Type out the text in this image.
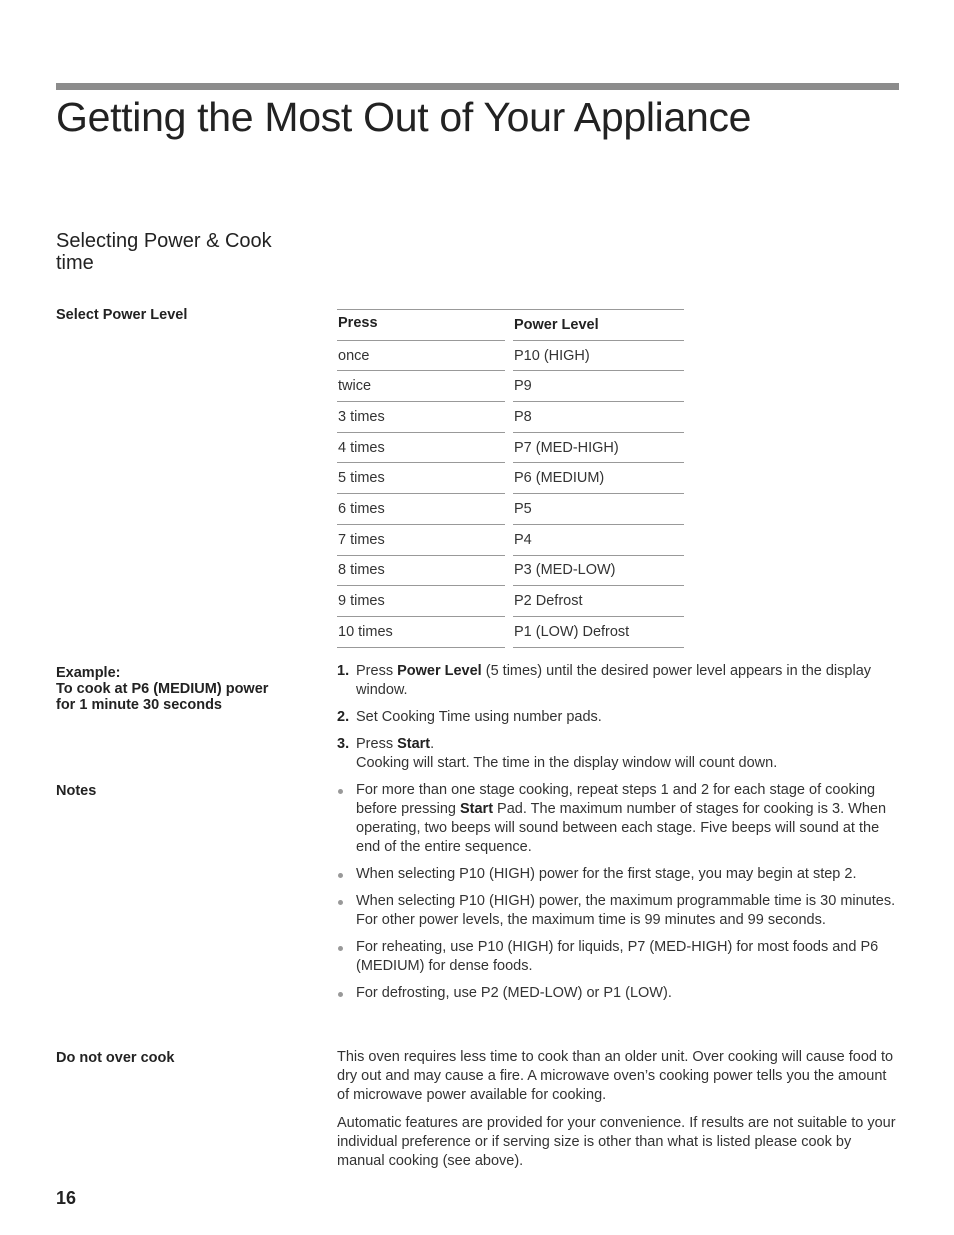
Getting the Most Out of Your Appliance
Selecting Power & Cook time
Select Power Level	Press	Power Level
once	P10 (HIGH)
twice	P9
3 times	P8
4 times	P7 (MED-HIGH)
5 times	P6 (MEDIUM)
6 times	P5
7 times	P4
8 times	P3 (MED-LOW)
9 times	P2 Defrost
10 times	P1 (LOW) Defrost
Example:
To cook at P6 (MEDIUM) power
for 1 minute 30 seconds
1. Press Power Level (5 times) until the desired power level appears in the display window.
2. Set Cooking Time using number pads.
3. Press Start.
Cooking will start. The time in the display window will count down.
Notes	For more than one stage cooking, repeat steps 1 and 2 for each stage of cooking before pressing Start Pad. The maximum number of stages for cooking is 3. When operating, two beeps will sound between each stage. Five beeps will sound at the end of the entire sequence.
When selecting P10 (HIGH) power for the first stage, you may begin at step 2.
When selecting P10 (HIGH) power, the maximum programmable time is 30 minutes. For other power levels, the maximum time is 99 minutes and 99 seconds.
For reheating, use P10 (HIGH) for liquids, P7 (MED-HIGH) for most foods and P6 (MEDIUM) for dense foods.
For defrosting, use P2 (MED-LOW) or P1 (LOW).
Do not over cook	This oven requires less time to cook than an older unit. Over cooking will cause food to dry out and may cause a fire. A microwave oven’s cooking power tells you the amount of microwave power available for cooking.

Automatic features are provided for your convenience. If results are not suitable to your individual preference or if serving size is other than what is listed please cook by manual cooking (see above).

16
